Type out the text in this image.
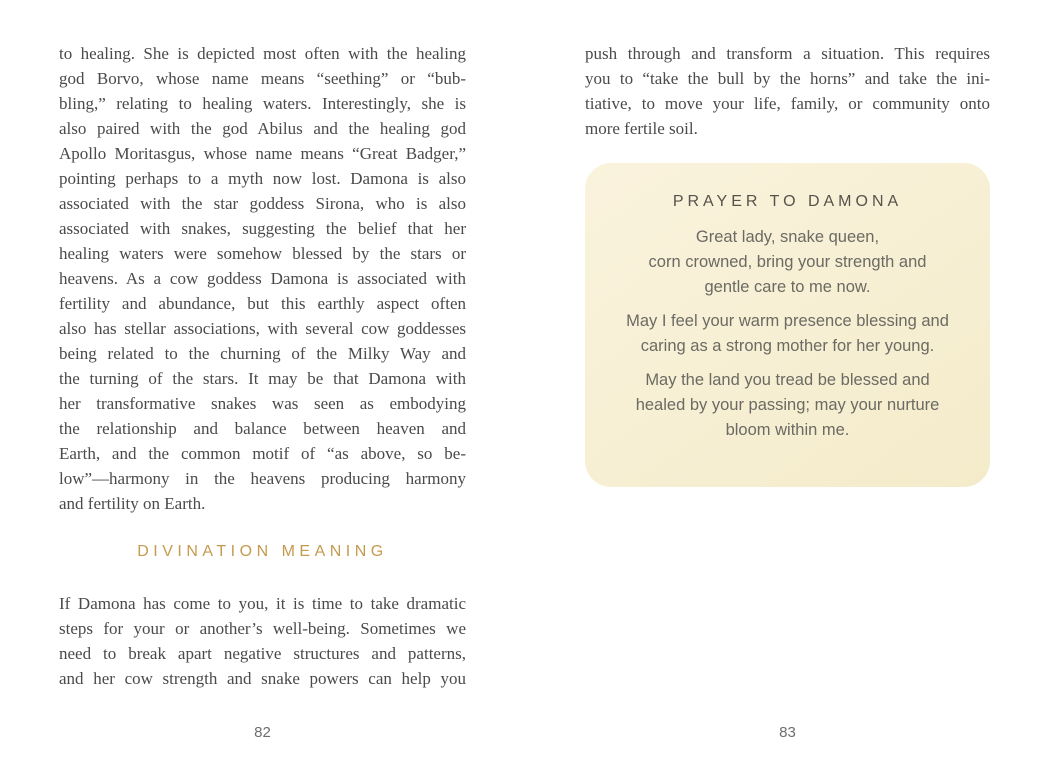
to healing. She is depicted most often with the healing
god Borvo, whose name means “seething” or “bub-
bling,” relating to healing waters. Interestingly, she is
also paired with the god Abilus and the healing god
Apollo Moritasgus, whose name means “Great Badger,”
pointing perhaps to a myth now lost. Damona is also
associated with the star goddess Sirona, who is also
associated with snakes, suggesting the belief that her
healing waters were somehow blessed by the stars or
heavens. As a cow goddess Damona is associated with
fertility and abundance, but this earthly aspect often
also has stellar associations, with several cow goddesses
being related to the churning of the Milky Way and
the turning of the stars. It may be that Damona with
her transformative snakes was seen as embodying
the relationship and balance between heaven and
Earth, and the common motif of “as above, so be-
low”—harmony in the heavens producing harmony
and fertility on Earth.
DIVINATION MEANING
If Damona has come to you, it is time to take dramatic
steps for your or another’s well-being. Sometimes we
need to break apart negative structures and patterns,
and her cow strength and snake powers can help you
82
push through and transform a situation. This requires
you to “take the bull by the horns” and take the ini-
tiative, to move your life, family, or community onto
more fertile soil.
PRAYER TO DAMONA
Great lady, snake queen,
corn crowned, bring your strength and
gentle care to me now.
May I feel your warm presence blessing and
caring as a strong mother for her young.
May the land you tread be blessed and
healed by your passing; may your nurture
bloom within me.
83
